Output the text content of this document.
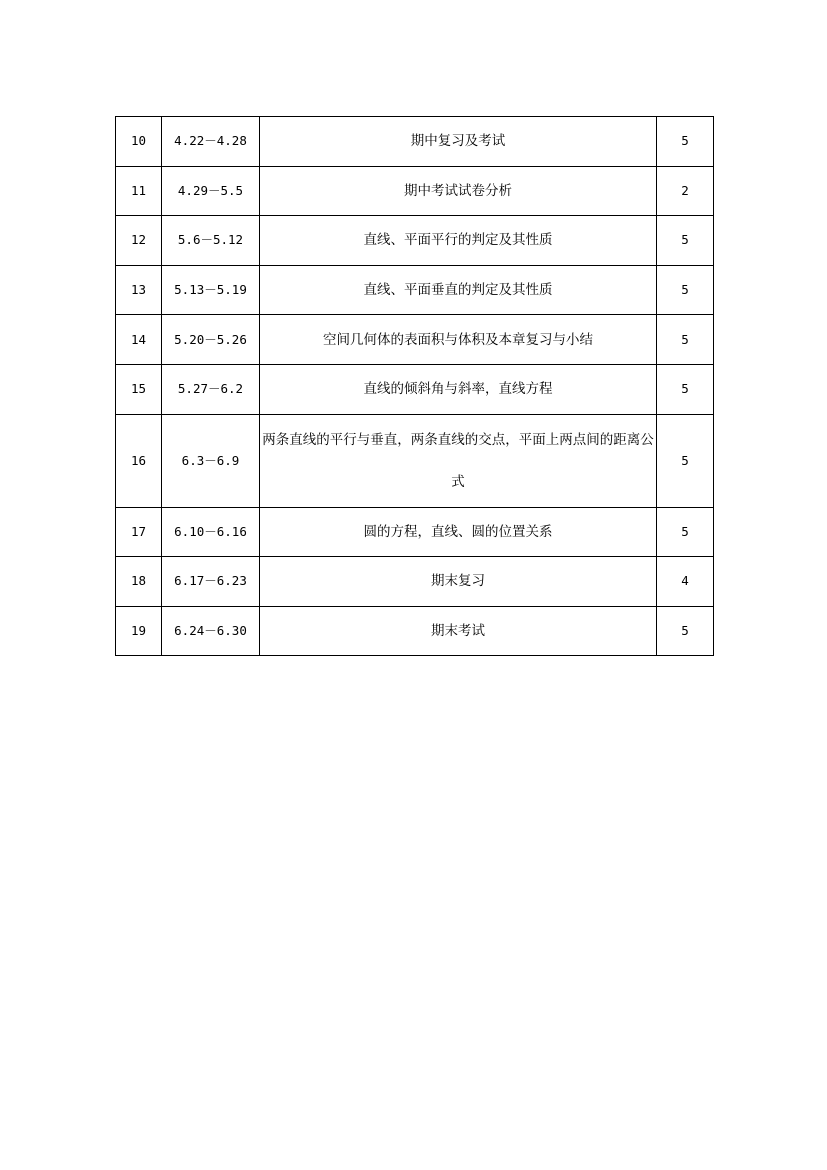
10	4.22－4.28	期中复习及考试	5
11	4.29－5.5	期中考试试卷分析	2
12	5.6－5.12	直线、平面平行的判定及其性质	5
13	5.13－5.19	直线、平面垂直的判定及其性质	5
14	5.20－5.26	空间几何体的表面积与体积及本章复习与小结	5
15	5.27－6.2	直线的倾斜角与斜率，直线方程	5
16	6.3－6.9	两条直线的平行与垂直，两条直线的交点，平面上两点间的距离公式	5
17	6.10－6.16	圆的方程，直线、圆的位置关系	5
18	6.17－6.23	期末复习	4
19	6.24－6.30	期末考试	5
